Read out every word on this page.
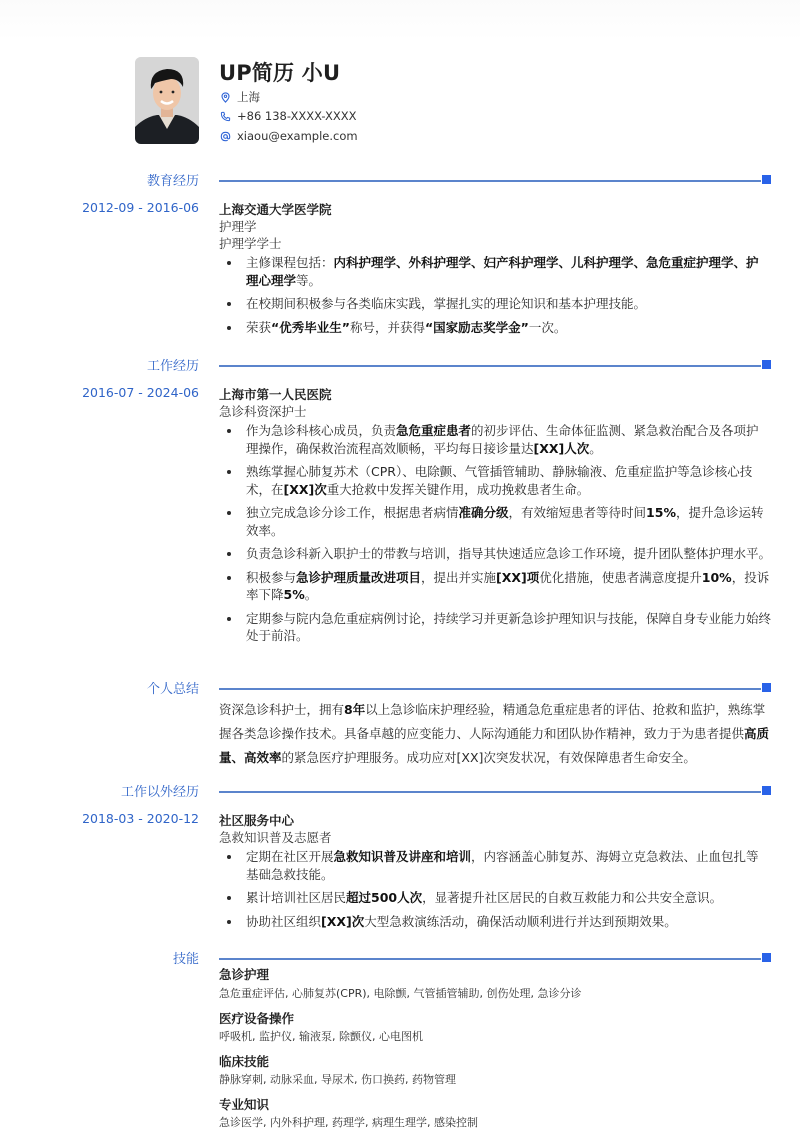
UP简历 小U
上海
+86 138-XXXX-XXXX
xiaou@example.com
教育经历
2012-09 - 2016-06 上海交通大学医学院
护理学
护理学学士
主修课程包括：内科护理学、外科护理学、妇产科护理学、儿科护理学、急危重症护理学、护理心理学等。
在校期间积极参与各类临床实践，掌握扎实的理论知识和基本护理技能。
荣获“优秀毕业生”称号，并获得“国家励志奖学金”一次。
工作经历
2016-07 - 2024-06 上海市第一人民医院
急诊科资深护士
作为急诊科核心成员，负责急危重症患者的初步评估、生命体征监测、紧急救治配合及各项护理操作，确保救治流程高效顺畅，平均每日接诊量达[XX]人次。
熟练掌握心肺复苏术（CPR）、电除颤、气管插管辅助、静脉输液、危重症监护等急诊核心技术，在[XX]次重大抢救中发挥关键作用，成功挽救患者生命。
独立完成急诊分诊工作，根据患者病情准确分级，有效缩短患者等待时间15%，提升急诊运转效率。
负责急诊科新入职护士的带教与培训，指导其快速适应急诊工作环境，提升团队整体护理水平。
积极参与急诊护理质量改进项目，提出并实施[XX]项优化措施，使患者满意度提升10%，投诉率下降5%。
定期参与院内急危重症病例讨论，持续学习并更新急诊护理知识与技能，保障自身专业能力始终处于前沿。
个人总结
资深急诊科护士，拥有8年以上急诊临床护理经验，精通急危重症患者的评估、抢救和监护，熟练掌握各类急诊操作技术。具备卓越的应变能力、人际沟通能力和团队协作精神，致力于为患者提供高质量、高效率的紧急医疗护理服务。成功应对[XX]次突发状况，有效保障患者生命安全。
工作以外经历
2018-03 - 2020-12 社区服务中心
急救知识普及志愿者
定期在社区开展急救知识普及讲座和培训，内容涵盖心肺复苏、海姆立克急救法、止血包扎等基础急救技能。
累计培训社区居民超过500人次，显著提升社区居民的自救互救能力和公共安全意识。
协助社区组织[XX]次大型急救演练活动，确保活动顺利进行并达到预期效果。
技能
急诊护理
急危重症评估, 心肺复苏(CPR), 电除颤, 气管插管辅助, 创伤处理, 急诊分诊
医疗设备操作
呼吸机, 监护仪, 输液泵, 除颤仪, 心电图机
临床技能
静脉穿刺, 动脉采血, 导尿术, 伤口换药, 药物管理
专业知识
急诊医学, 内外科护理, 药理学, 病理生理学, 感染控制
